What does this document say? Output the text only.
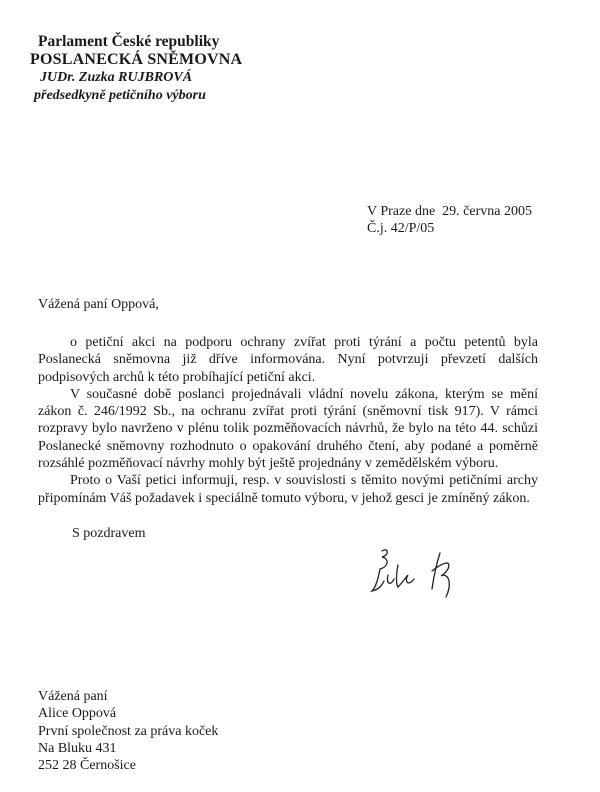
Parlament České republiky
POSLANECKÁ SNĚMOVNA
JUDr. Zuzka RUJBROVÁ
předsedkyně petičního výboru
V Praze dne  29. června 2005
Č.j. 42/P/05
Vážená paní Oppová,

o petiční akci na podporu ochrany zvířat proti týrání a počtu petentů byla Poslanecká sněmovna již dříve informována. Nyní potvrzuji převzetí dalších podpisových archů k této probíhající petiční akci.

V současné době poslanci projednávali vládní novelu zákona, kterým se mění zákon č. 246/1992 Sb., na ochranu zvířat proti týrání (sněmovní tisk 917). V rámci rozpravy bylo navrženo v plénu tolik pozměňovacích návrhů, že bylo na této 44. schůzi Poslanecké sněmovny rozhodnuto o opakování druhého čtení, aby podané a poměrně rozsáhlé pozměňovací návrhy mohly být ještě projednány v zemědělském výboru.

Proto o Vaší petici informuji, resp. v souvislosti s těmito novými petičními archy připomínám Váš požadavek i speciálně tomuto výboru, v jehož gesci je zmíněný zákon.

S pozdravem
Vážená paní
Alice Oppová
První společnost za práva koček
Na Bluku 431
252 28 Černošice
